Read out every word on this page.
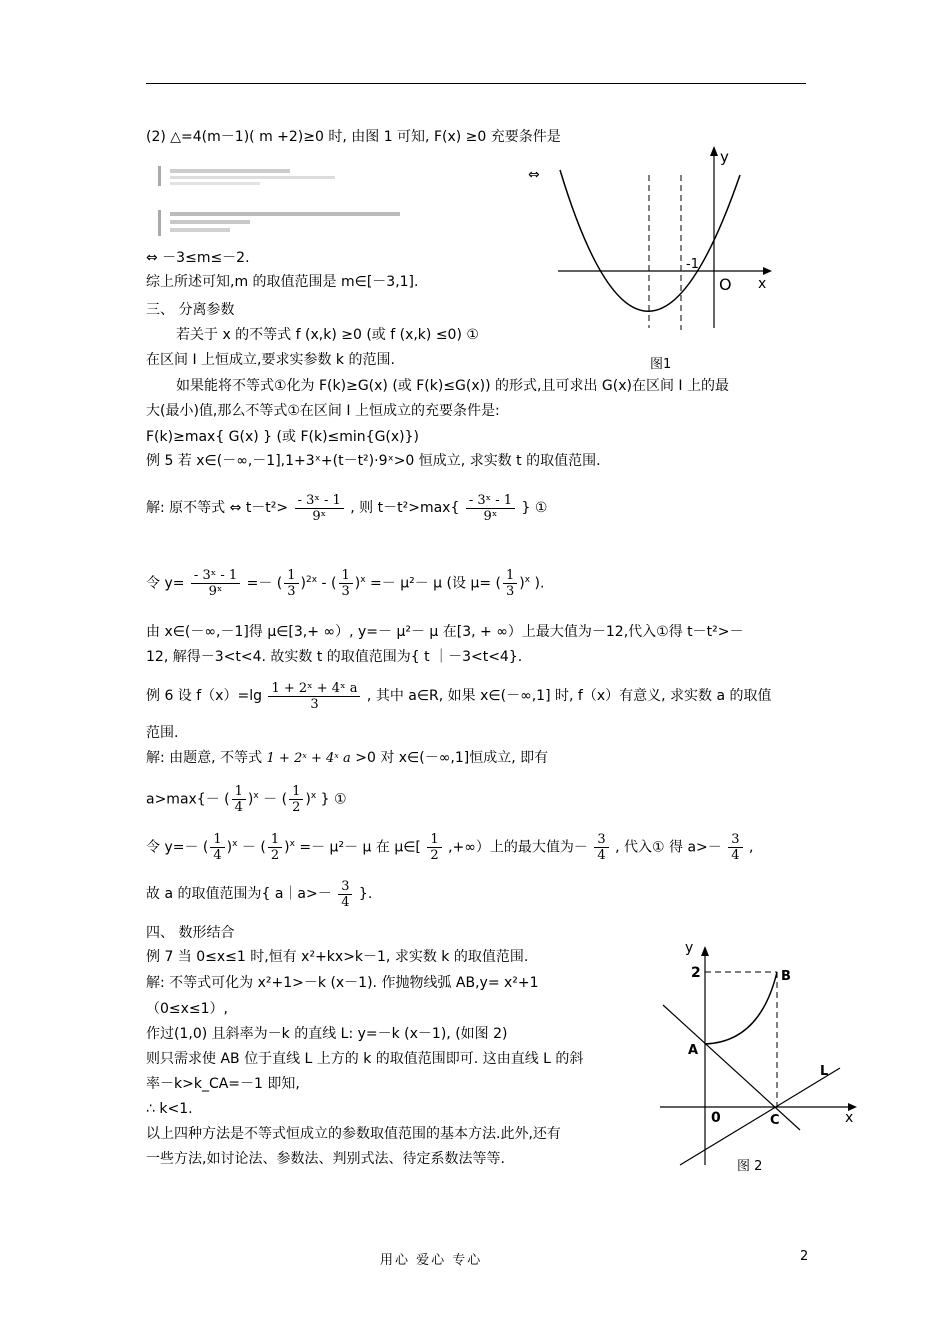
(2) △=4(m－1)( m +2)≥0 时, 由图 1 可知, F(x) ≥0 充要条件是
⇔
⇔ －3≤m≤－2.
综上所述可知,m 的取值范围是 m∈[－3,1].
三、 分离参数
若关于 x 的不等式 f (x,k) ≥0 (或 f (x,k) ≤0) ①
在区间 I 上恒成立,要求实参数 k 的范围.
如果能将不等式①化为 F(k)≥G(x) (或 F(k)≤G(x)) 的形式,且可求出 G(x)在区间 I 上的最
大(最小)值,那么不等式①在区间 I 上恒成立的充要条件是:
F(k)≥max{ G(x) } (或 F(k)≤min{G(x)})
例 5 若 x∈(－∞,－1],1+3ˣ+(t－t²)·9ˣ>0 恒成立, 求实数 t 的取值范围.
解: 原不等式 ⇔ $t-t^2> \frac{\text{- 3ˣ - 1}}{\text{9ˣ}}$ , 则 $t-t^2>\max\{ \frac{\text{- 3ˣ - 1}}{\text{9ˣ}}$ } ①
令 $y= \frac{\text{- 3ˣ - 1}}{\text{9ˣ}}$ =－ ( $\frac{1}{3} )^{2x}$ - ( $\frac{1}{3} )^x =- \mu^2- \mu$ (设 μ= ( $\frac{1}{3} )^x$ ).
由 x∈(－∞,－1]得 μ∈[3,+ ∞）, y=－ μ²－ μ 在[3, + ∞）上最大值为－12,代入①得 t－t²>－
12, 解得－3<t<4. 故实数 t 的取值范围为{ t ｜－3<t<4}.
例 6 设 $f(x)=\lg \frac{\text{1 + 2ˣ + 4ˣ a}}{3}$ , 其中 a∈R, 如果 x∈(－∞,1] 时, f（x）有意义, 求实数 a 的取值
范围.
解: 由题意, 不等式 1 + 2ˣ + 4ˣ a >0 对 x∈(－∞,1]恒成立, 即有
a>max{－ ( $\frac{1}{4} )^x$ － ( $\frac{1}{2} )^x$ } ①
令 y=－ ( $\frac{1}{4} )^x$ － ( $\frac{1}{2} )^x =- \mu^2- \mu$ 在 μ∈[ $\frac{1}{2}$ ,+∞）上的最大值为－ $\frac{3}{4}$ , 代入① 得 $a>- \frac{3}{4}$ ,
故 a 的取值范围为{ a｜a>－ $\frac{3}{4}$ }.
四、 数形结合
例 7 当 0≤x≤1 时,恒有 x²+kx>k－1, 求实数 k 的取值范围.
解: 不等式可化为 x²+1>－k (x－1). 作抛物线弧 AB,y= x²+1
（0≤x≤1）,
作过(1,0) 且斜率为－k 的直线 L: y=－k (x－1), (如图 2)
则只需求使 AB 位于直线 L 上方的 k 的取值范围即可. 这由直线 L 的斜
率－k>k_CA=－1 即知,
∴ k<1.
以上四种方法是不等式恒成立的参数取值范围的基本方法.此外,还有
一些方法,如讨论法、参数法、判别式法、待定系数法等等.
y
x
O
-1
图1
y
x
0
2
A
B
C
L
图 2
用心 爱心 专心	2
